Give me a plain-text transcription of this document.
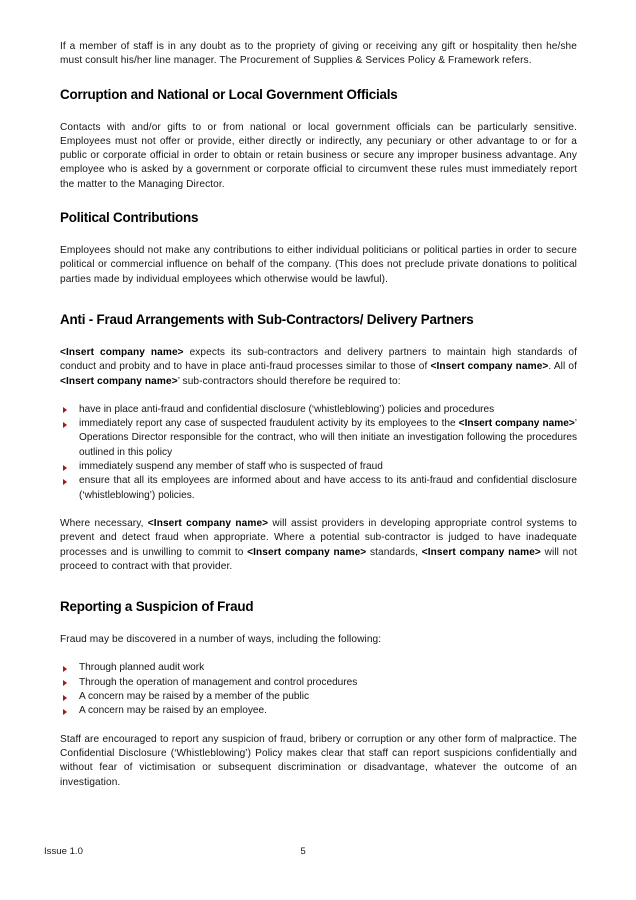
If a member of staff is in any doubt as to the propriety of giving or receiving any gift or hospitality then he/she must consult his/her line manager. The Procurement of Supplies & Services Policy & Framework refers.

Corruption and National or Local Government Officials

Contacts with and/or gifts to or from national or local government officials can be particularly sensitive. Employees must not offer or provide, either directly or indirectly, any pecuniary or other advantage to or for a public or corporate official in order to obtain or retain business or secure any improper business advantage. Any employee who is asked by a government or corporate official to circumvent these rules must immediately report the matter to the Managing Director.

Political Contributions

Employees should not make any contributions to either individual politicians or political parties in order to secure political or commercial influence on behalf of the company. (This does not preclude private donations to political parties made by individual employees which otherwise would be lawful).

Anti - Fraud Arrangements with Sub-Contractors/ Delivery Partners

<Insert company name> expects its sub-contractors and delivery partners to maintain high standards of conduct and probity and to have in place anti-fraud processes similar to those of <Insert company name>. All of <Insert company name>’ sub-contractors should therefore be required to:

have in place anti-fraud and confidential disclosure (‘whistleblowing’) policies and procedures
immediately report any case of suspected fraudulent activity by its employees to the <Insert company name>’ Operations Director responsible for the contract, who will then initiate an investigation following the procedures outlined in this policy
immediately suspend any member of staff who is suspected of fraud
ensure that all its employees are informed about and have access to its anti-fraud and confidential disclosure (‘whistleblowing’) policies.

Where necessary, <Insert company name> will assist providers in developing appropriate control systems to prevent and detect fraud when appropriate. Where a potential sub-contractor is judged to have inadequate processes and is unwilling to commit to <Insert company name> standards, <Insert company name> will not proceed to contract with that provider.

Reporting a Suspicion of Fraud

Fraud may be discovered in a number of ways, including the following:

Through planned audit work
Through the operation of management and control procedures
A concern may be raised by a member of the public
A concern may be raised by an employee.

Staff are encouraged to report any suspicion of fraud, bribery or corruption or any other form of malpractice. The Confidential Disclosure (‘Whistleblowing’) Policy makes clear that staff can report suspicions confidentially and without fear of victimisation or subsequent discrimination or disadvantage, whatever the outcome of an investigation.

Issue 1.0	5
